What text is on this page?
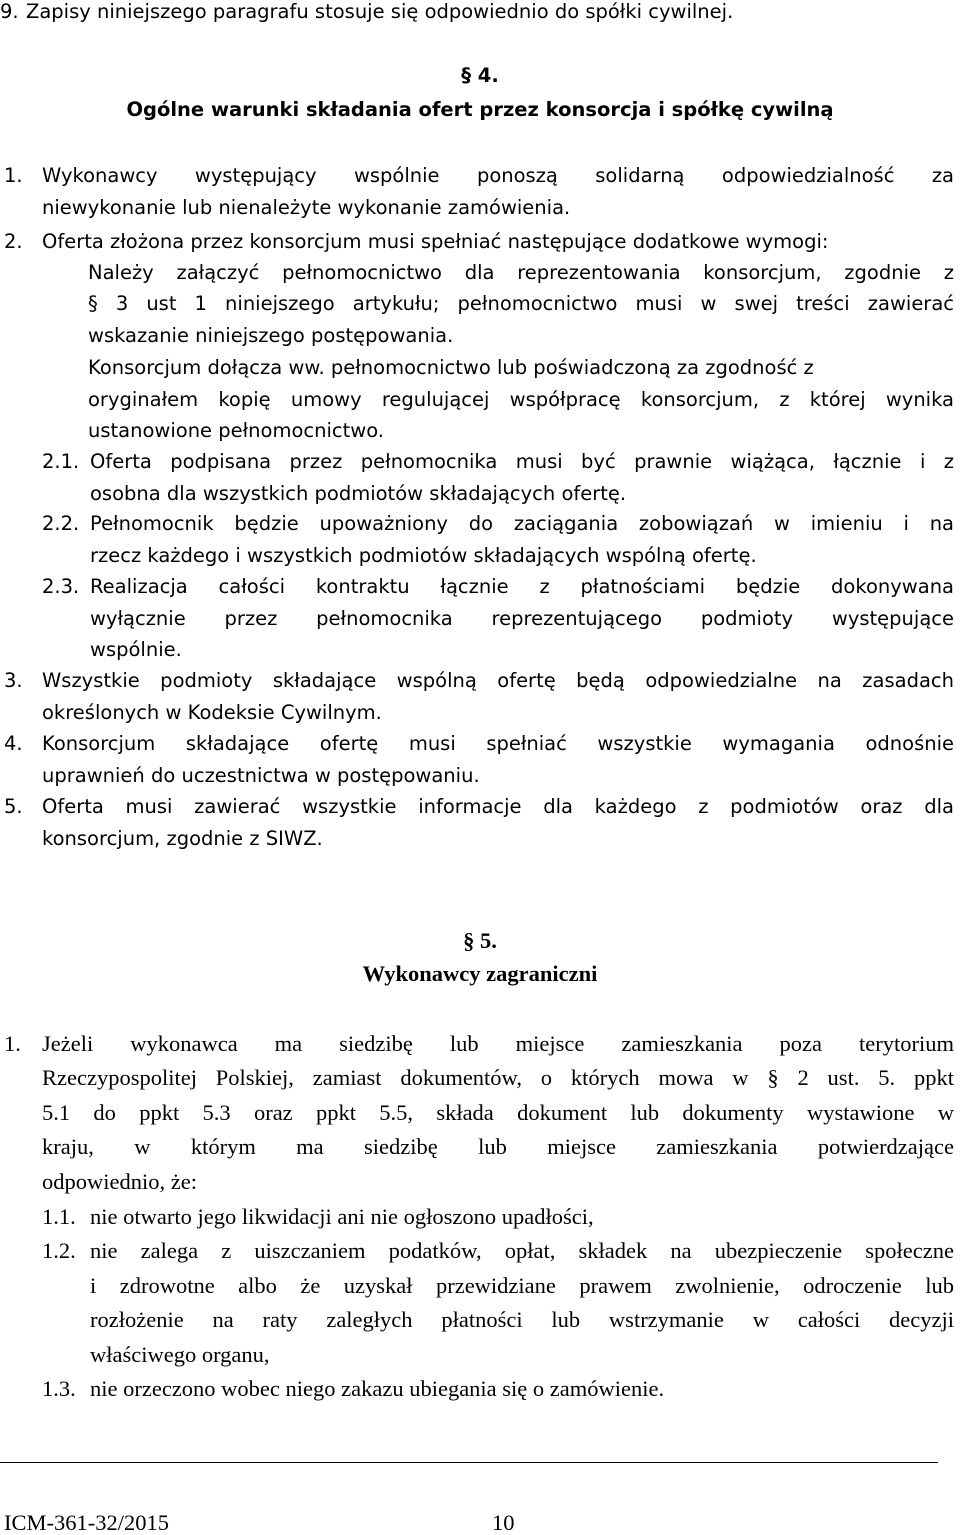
9. Zapisy niniejszego paragrafu stosuje się odpowiednio do spółki cywilnej.
§ 4.
Ogólne warunki składania ofert przez konsorcja i spółkę cywilną
1. Wykonawcy występujący wspólnie ponoszą solidarną odpowiedzialność za
niewykonanie lub nienależyte wykonanie zamówienia.
2. Oferta złożona przez konsorcjum musi spełniać następujące dodatkowe wymogi:
Należy załączyć pełnomocnictwo dla reprezentowania konsorcjum, zgodnie z
§ 3 ust 1 niniejszego artykułu; pełnomocnictwo musi w swej treści zawierać
wskazanie niniejszego postępowania.
Konsorcjum dołącza ww. pełnomocnictwo lub poświadczoną za zgodność z
oryginałem kopię umowy regulującej współpracę konsorcjum, z której wynika
ustanowione pełnomocnictwo.
2.1. Oferta podpisana przez pełnomocnika musi być prawnie wiążąca, łącznie i z
osobna dla wszystkich podmiotów składających ofertę.
2.2. Pełnomocnik będzie upoważniony do zaciągania zobowiązań w imieniu i na
rzecz każdego i wszystkich podmiotów składających wspólną ofertę.
2.3. Realizacja całości kontraktu łącznie z płatnościami będzie dokonywana
wyłącznie przez pełnomocnika reprezentującego podmioty występujące
wspólnie.
3. Wszystkie podmioty składające wspólną ofertę będą odpowiedzialne na zasadach
określonych w Kodeksie Cywilnym.
4. Konsorcjum składające ofertę musi spełniać wszystkie wymagania odnośnie
uprawnień do uczestnictwa w postępowaniu.
5. Oferta musi zawierać wszystkie informacje dla każdego z podmiotów oraz dla
konsorcjum, zgodnie z SIWZ.
§ 5.
Wykonawcy zagraniczni
1. Jeżeli wykonawca ma siedzibę lub miejsce zamieszkania poza terytorium
Rzeczypospolitej Polskiej, zamiast dokumentów, o których mowa w § 2 ust. 5. ppkt
5.1 do ppkt 5.3 oraz ppkt 5.5, składa dokument lub dokumenty wystawione w
kraju, w którym ma siedzibę lub miejsce zamieszkania potwierdzające
odpowiednio, że:
1.1. nie otwarto jego likwidacji ani nie ogłoszono upadłości,
1.2. nie zalega z uiszczaniem podatków, opłat, składek na ubezpieczenie społeczne
i zdrowotne albo że uzyskał przewidziane prawem zwolnienie, odroczenie lub
rozłożenie na raty zaległych płatności lub wstrzymanie w całości decyzji
właściwego organu,
1.3. nie orzeczono wobec niego zakazu ubiegania się o zamówienie.
ICM-361-32/2015	10
